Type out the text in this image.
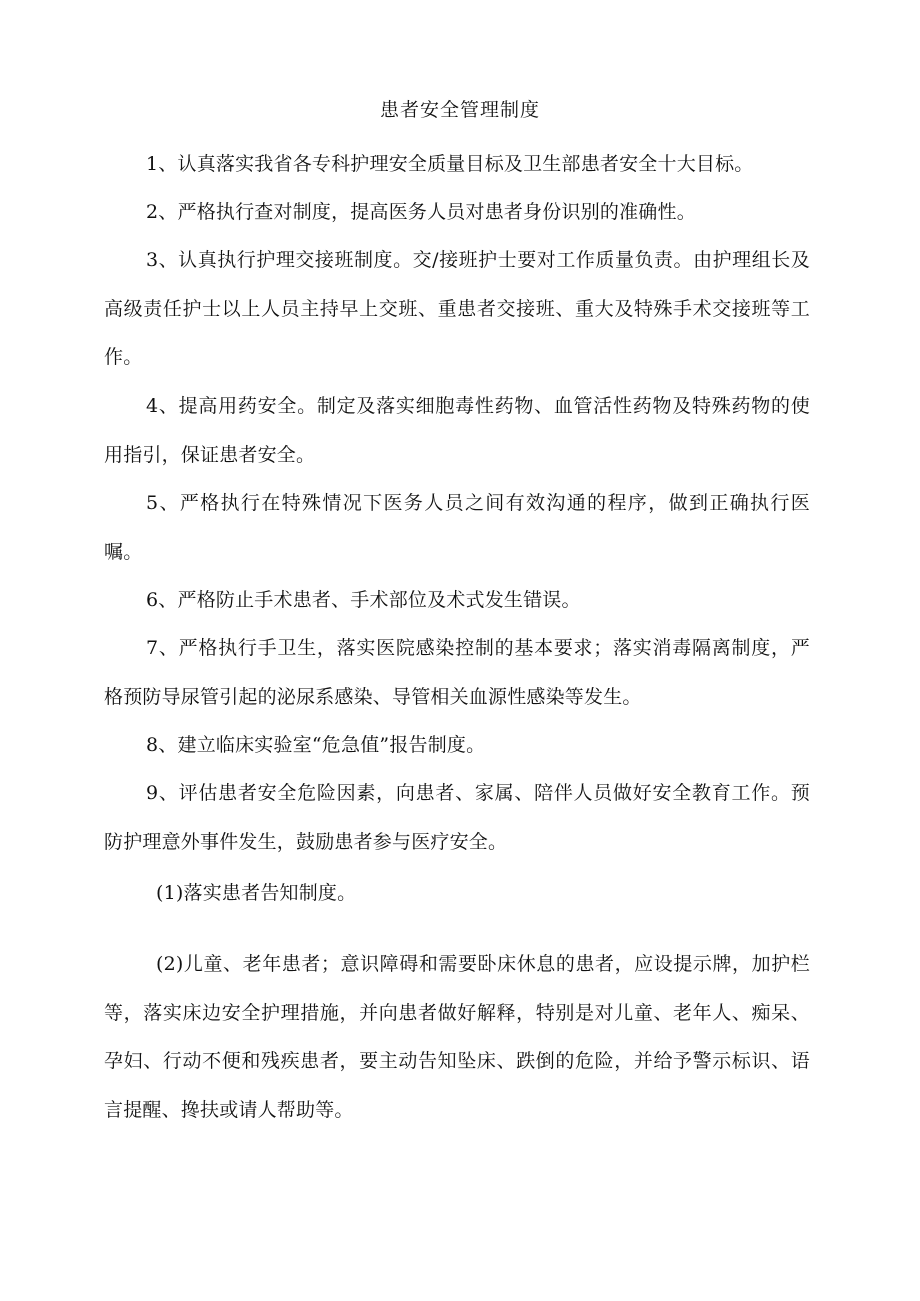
患者安全管理制度

1、认真落实我省各专科护理安全质量目标及卫生部患者安全十大目标。

2、严格执行查对制度，提高医务人员对患者身份识别的准确性。

3、认真执行护理交接班制度。交/接班护士要对工作质量负责。由护理组长及高级责任护士以上人员主持早上交班、重患者交接班、重大及特殊手术交接班等工作。

4、提高用药安全。制定及落实细胞毒性药物、血管活性药物及特殊药物的使用指引，保证患者安全。

5、严格执行在特殊情况下医务人员之间有效沟通的程序，做到正确执行医嘱。

6、严格防止手术患者、手术部位及术式发生错误。

7、严格执行手卫生，落实医院感染控制的基本要求；落实消毒隔离制度，严格预防导尿管引起的泌尿系感染、导管相关血源性感染等发生。

8、建立临床实验室“危急值”报告制度。

9、评估患者安全危险因素，向患者、家属、陪伴人员做好安全教育工作。预防护理意外事件发生，鼓励患者参与医疗安全。

(1)落实患者告知制度。

(2)儿童、老年患者；意识障碍和需要卧床休息的患者，应设提示牌，加护栏等，落实床边安全护理措施，并向患者做好解释，特别是对儿童、老年人、痴呆、孕妇、行动不便和残疾患者，要主动告知坠床、跌倒的危险，并给予警示标识、语言提醒、搀扶或请人帮助等。
